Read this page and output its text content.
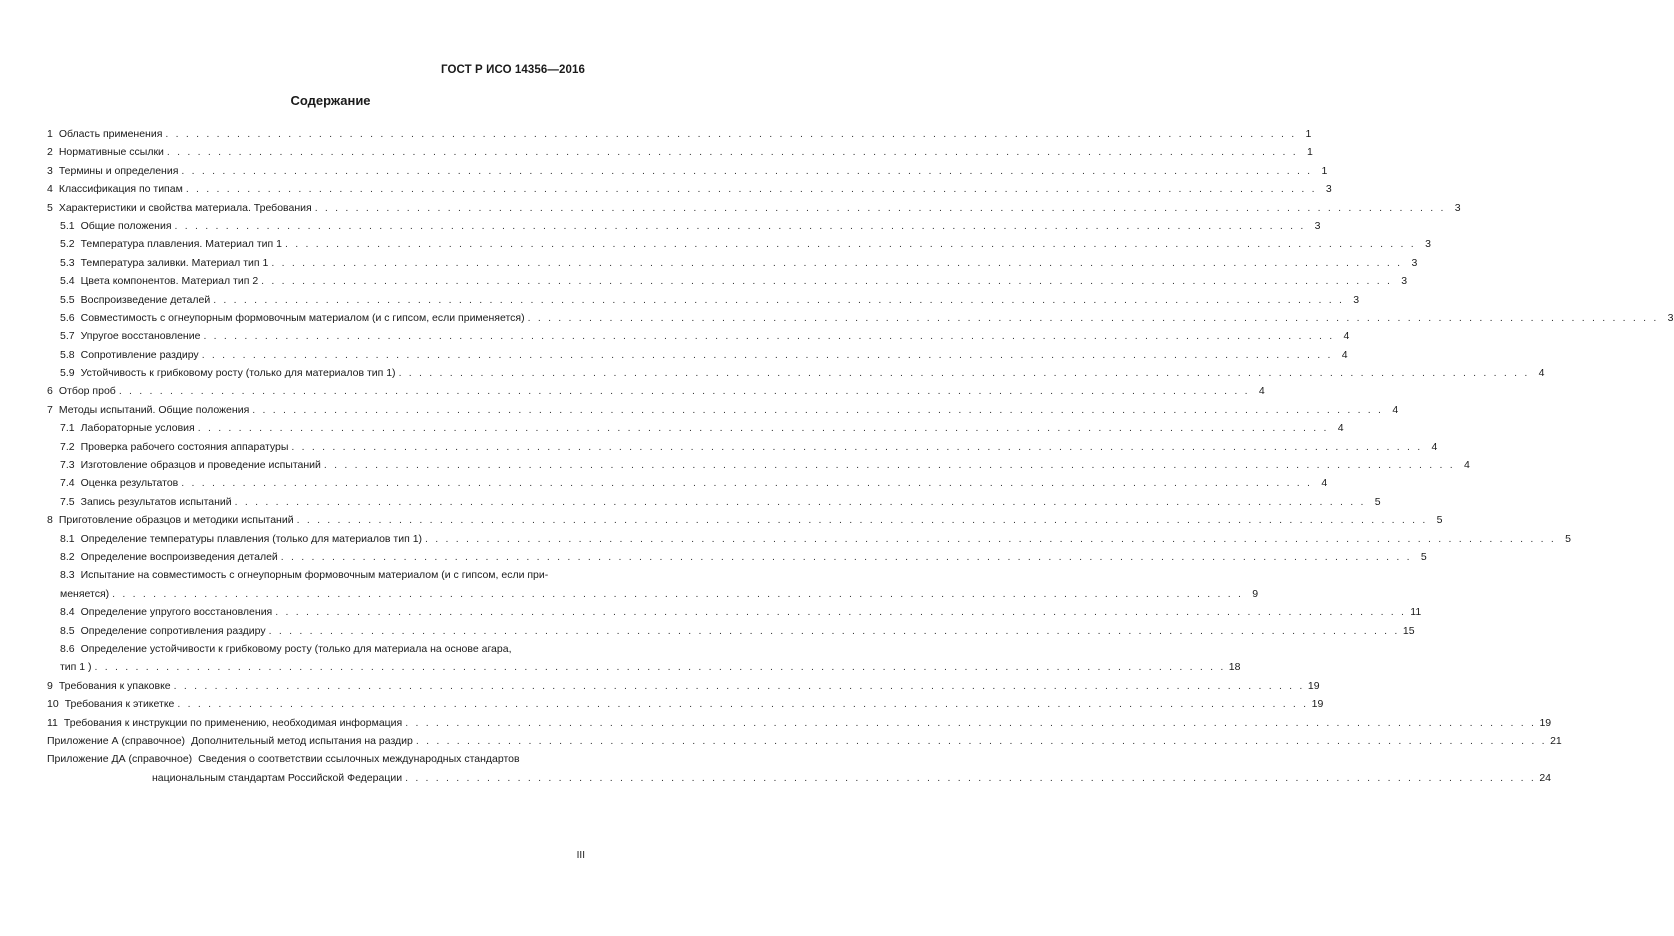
ГОСТ Р ИСО 14356—2016
Содержание
1 Область применения . . .	1
2 Нормативные ссылки . . .	1
3 Термины и определения . . .	1
4 Классификация по типам . . .	3
5 Характеристики и свойства материала. Требования . . .	3
5.1 Общие положения . . .	3
5.2 Температура плавления. Материал тип 1 . . .	3
5.3 Температура заливки. Материал тип 1 . . .	3
5.4 Цвета компонентов. Материал тип 2 . . .	3
5.5 Воспроизведение деталей . . .	3
5.6 Совместимость с огнеупорным формовочным материалом (и с гипсом, если применяется) . . .	3
5.7 Упругое восстановление . . .	4
5.8 Сопротивление раздиру . . .	4
5.9 Устойчивость к грибковому росту (только для материалов тип 1) . . .	4
6 Отбор проб . . .	4
7 Методы испытаний. Общие положения . . .	4
7.1 Лабораторные условия . . .	4
7.2 Проверка рабочего состояния аппаратуры . . .	4
7.3 Изготовление образцов и проведение испытаний . . .	4
7.4 Оценка результатов . . .	4
7.5 Запись результатов испытаний . . .	5
8 Приготовление образцов и методики испытаний . . .	5
8.1 Определение температуры плавления (только для материалов тип 1) . . .	5
8.2 Определение воспроизведения деталей . . .	5
8.3 Испытание на совместимость с огнеупорным формовочным материалом (и с гипсом, если при-
меняется) . . .	9
8.4 Определение упругого восстановления . . .	11
8.5 Определение сопротивления раздиру . . .	15
8.6 Определение устойчивости к грибковому росту (только для материала на основе агара,
тип 1 ) . . .	18
9 Требования к упаковке . . .	19
10 Требования к этикетке . . .	19
11 Требования к инструкции по применению, необходимая информация . . .	19
Приложение А (справочное) Дополнительный метод испытания на раздир . . .	21
Приложение ДА (справочное) Сведения о соответствии ссылочных международных стандартов
национальным стандартам Российской Федерации . . .	24
III
